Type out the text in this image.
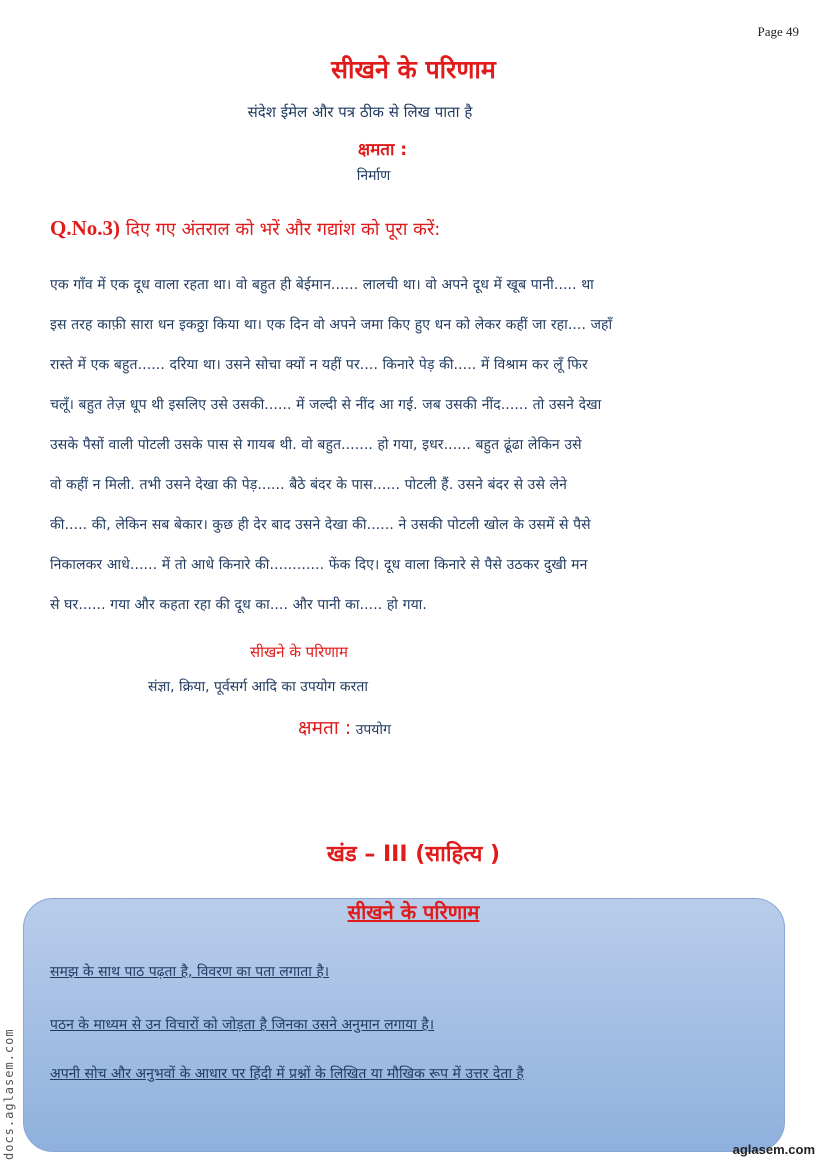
Page 49
सीखने के परिणाम
संदेश ईमेल और पत्र ठीक से लिख पाता है
क्षमता :
निर्माण
Q.No.3) दिए गए अंतराल को भरें और गद्यांश को पूरा करें:
एक गाँव में एक दूध वाला रहता था। वो बहुत ही बेईमान...... लालची था। वो अपने दूध में खूब पानी..... था
इस तरह काफ़ी सारा धन इकठ्ठा किया था। एक दिन वो अपने जमा किए हुए धन को लेकर कहीं जा रहा.... जहाँ
रास्ते में एक बहुत...... दरिया था। उसने सोचा क्यों न यहीं पर.... किनारे पेड़ की..... में विश्राम कर लूँ फिर
चलूँ। बहुत तेज़ धूप थी इसलिए उसे उसकी...... में जल्दी से नींद आ गई. जब उसकी नींद...... तो उसने देखा
उसके पैसों वाली पोटली उसके पास से गायब थी. वो बहुत....... हो गया, इधर...... बहुत ढूंढा लेकिन उसे
वो कहीं न मिली. तभी उसने देखा की पेड़...... बैठे बंदर के पास...... पोटली हैं. उसने बंदर से उसे लेने
की..... की, लेकिन सब बेकार। कुछ ही देर बाद उसने देखा की...... ने उसकी पोटली खोल के उसमें से पैसे
निकालकर आधे...... में तो आधे किनारे की............ फेंक दिए। दूध वाला किनारे से पैसे उठकर दुखी मन
से घर...... गया और कहता रहा की दूध का.... और पानी का..... हो गया.
सीखने के परिणाम
संज्ञा, क्रिया, पूर्वसर्ग आदि का उपयोग करता
क्षमता : उपयोग
खंड – III (साहित्य )
सीखने के परिणाम
समझ के साथ पाठ पढ़ता है, विवरण का पता लगाता है।
पठन के माध्यम से उन विचारों को जोड़ता है जिनका उसने अनुमान लगाया है।
अपनी सोच और अनुभवों के आधार पर हिंदी में प्रश्नों के लिखित या मौखिक रूप में उत्तर देता है
docs.aglasem.com	aglasem.com
